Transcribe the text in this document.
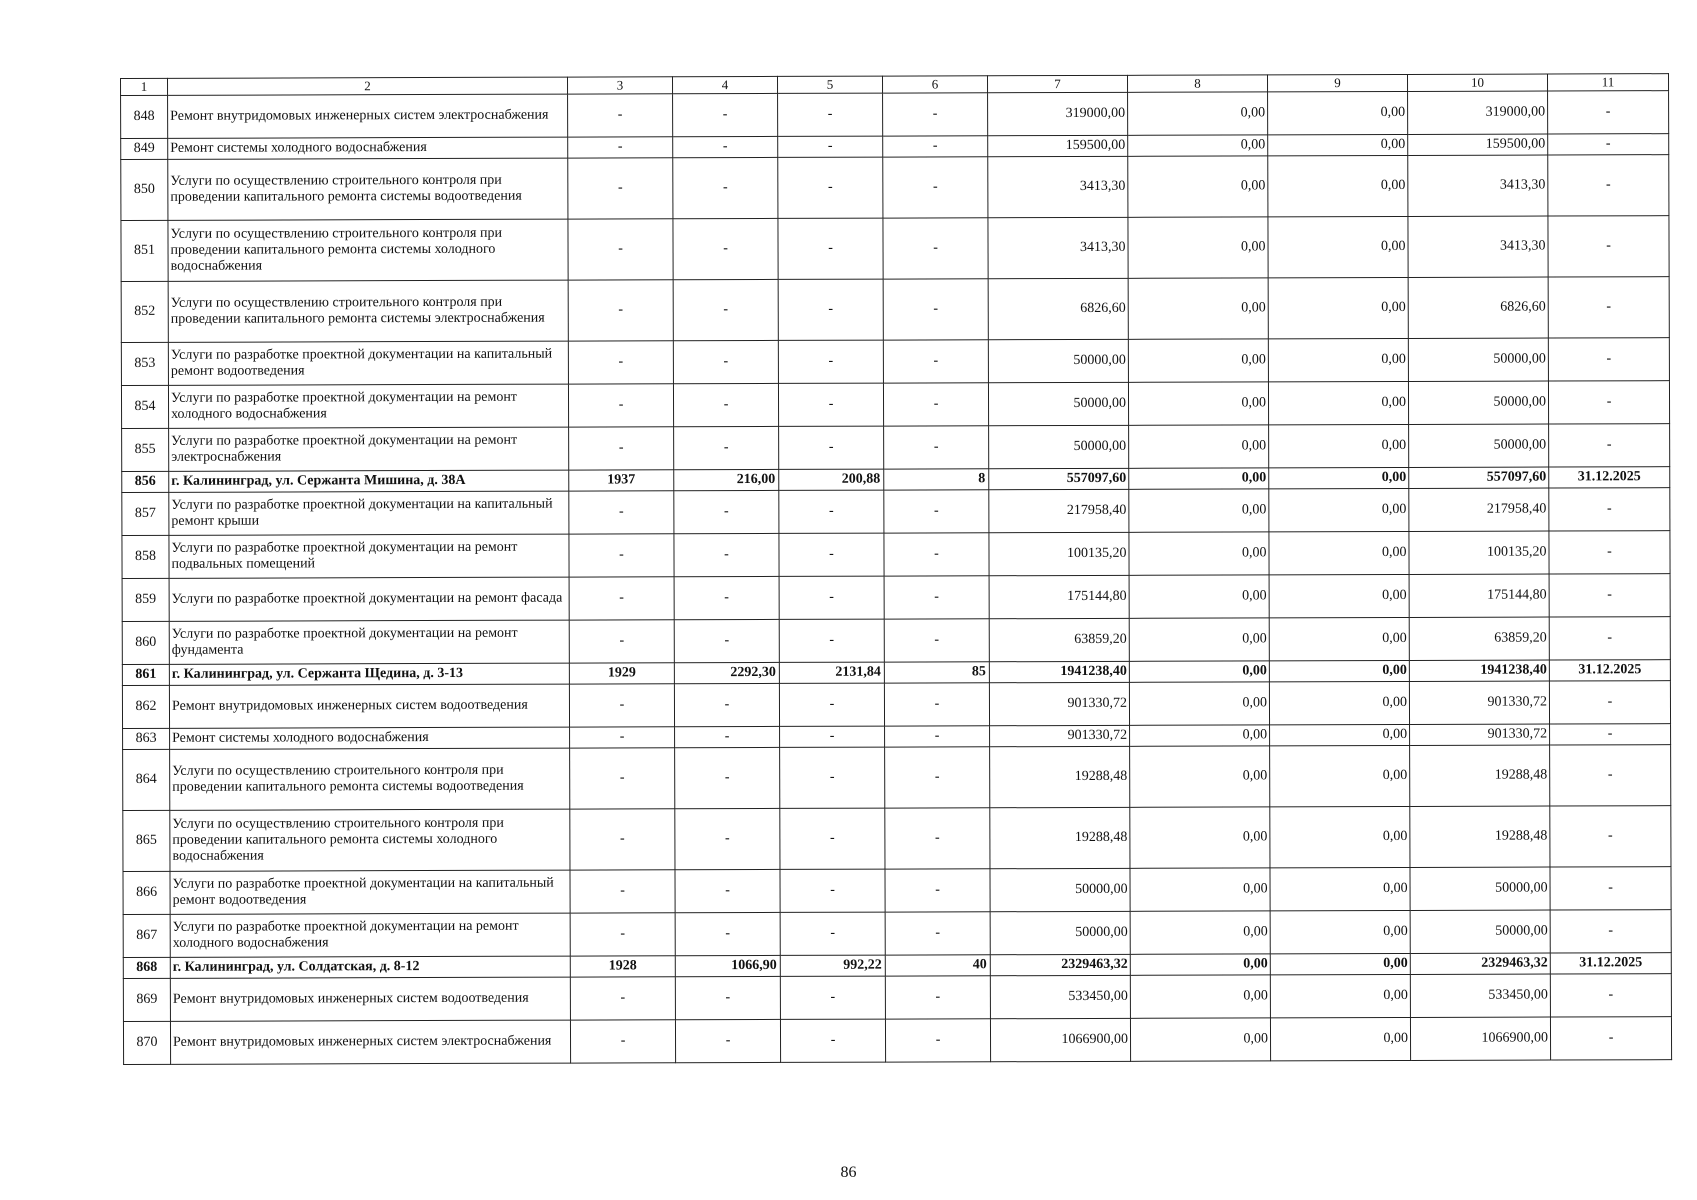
1	2	3	4	5	6	7	8	9	10	11
848	Ремонт внутридомовых инженерных систем электроснабжения	-	-	-	-	319000,00	0,00	0,00	319000,00	-
849	Ремонт системы холодного водоснабжения	-	-	-	-	159500,00	0,00	0,00	159500,00	-
850	Услуги по осуществлению строительного контроля при проведении капитального ремонта системы водоотведения	-	-	-	-	3413,30	0,00	0,00	3413,30	-
851	Услуги по осуществлению строительного контроля при проведении капитального ремонта системы холодного водоснабжения	-	-	-	-	3413,30	0,00	0,00	3413,30	-
852	Услуги по осуществлению строительного контроля при проведении капитального ремонта системы электроснабжения	-	-	-	-	6826,60	0,00	0,00	6826,60	-
853	Услуги по разработке проектной документации на капитальный ремонт водоотведения	-	-	-	-	50000,00	0,00	0,00	50000,00	-
854	Услуги по разработке проектной документации на ремонт холодного водоснабжения	-	-	-	-	50000,00	0,00	0,00	50000,00	-
855	Услуги по разработке проектной документации на ремонт электроснабжения	-	-	-	-	50000,00	0,00	0,00	50000,00	-
856	г. Калининград, ул. Сержанта Мишина, д. 38А	1937	216,00	200,88	8	557097,60	0,00	0,00	557097,60	31.12.2025
857	Услуги по разработке проектной документации на капитальный ремонт крыши	-	-	-	-	217958,40	0,00	0,00	217958,40	-
858	Услуги по разработке проектной документации на ремонт подвальных помещений	-	-	-	-	100135,20	0,00	0,00	100135,20	-
859	Услуги по разработке проектной документации на ремонт фасада	-	-	-	-	175144,80	0,00	0,00	175144,80	-
860	Услуги по разработке проектной документации на ремонт фундамента	-	-	-	-	63859,20	0,00	0,00	63859,20	-
861	г. Калининград, ул. Сержанта Щедина, д. 3-13	1929	2292,30	2131,84	85	1941238,40	0,00	0,00	1941238,40	31.12.2025
862	Ремонт внутридомовых инженерных систем водоотведения	-	-	-	-	901330,72	0,00	0,00	901330,72	-
863	Ремонт системы холодного водоснабжения	-	-	-	-	901330,72	0,00	0,00	901330,72	-
864	Услуги по осуществлению строительного контроля при проведении капитального ремонта системы водоотведения	-	-	-	-	19288,48	0,00	0,00	19288,48	-
865	Услуги по осуществлению строительного контроля при проведении капитального ремонта системы холодного водоснабжения	-	-	-	-	19288,48	0,00	0,00	19288,48	-
866	Услуги по разработке проектной документации на капитальный ремонт водоотведения	-	-	-	-	50000,00	0,00	0,00	50000,00	-
867	Услуги по разработке проектной документации на ремонт холодного водоснабжения	-	-	-	-	50000,00	0,00	0,00	50000,00	-
868	г. Калининград, ул. Солдатская, д. 8-12	1928	1066,90	992,22	40	2329463,32	0,00	0,00	2329463,32	31.12.2025
869	Ремонт внутридомовых инженерных систем водоотведения	-	-	-	-	533450,00	0,00	0,00	533450,00	-
870	Ремонт внутридомовых инженерных систем электроснабжения	-	-	-	-	1066900,00	0,00	0,00	1066900,00	-
86
